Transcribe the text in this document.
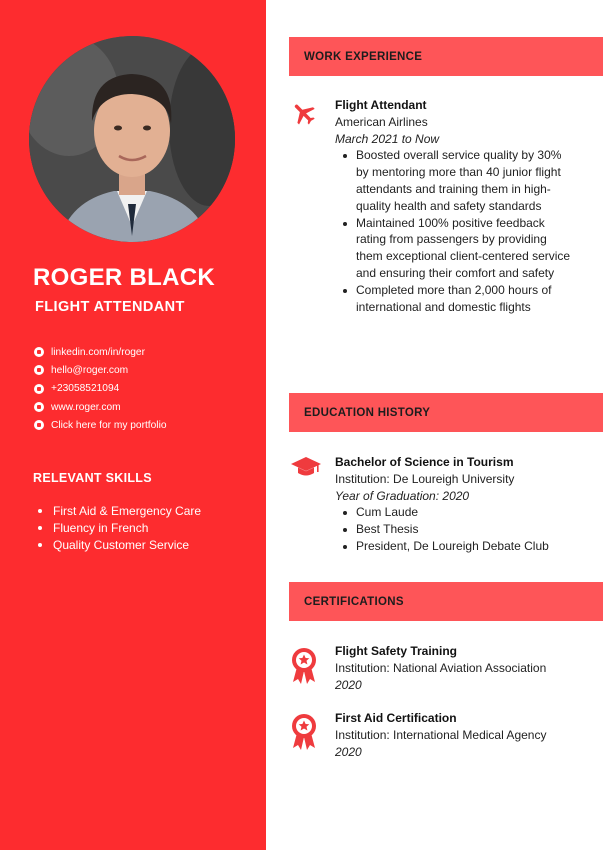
ROGER BLACK
FLIGHT ATTENDANT
linkedin.com/in/roger
hello@roger.com
+23058521094
www.roger.com
Click here for my portfolio
RELEVANT SKILLS
First Aid & Emergency Care
Fluency in French
Quality Customer Service
WORK EXPERIENCE
Flight Attendant
American Airlines
March 2021 to Now
Boosted overall service quality by 30% by mentoring more than 40 junior flight attendants and training them in high-quality health and safety standards
Maintained 100% positive feedback rating from passengers by providing them exceptional client-centered service and ensuring their comfort and safety
Completed more than 2,000 hours of international and domestic flights
EDUCATION HISTORY
Bachelor of Science in Tourism
Institution: De Loureigh University
Year of Graduation: 2020
Cum Laude
Best Thesis
President, De Loureigh Debate Club
CERTIFICATIONS
Flight Safety Training
Institution: National Aviation Association
2020
First Aid Certification
Institution: International Medical Agency
2020
